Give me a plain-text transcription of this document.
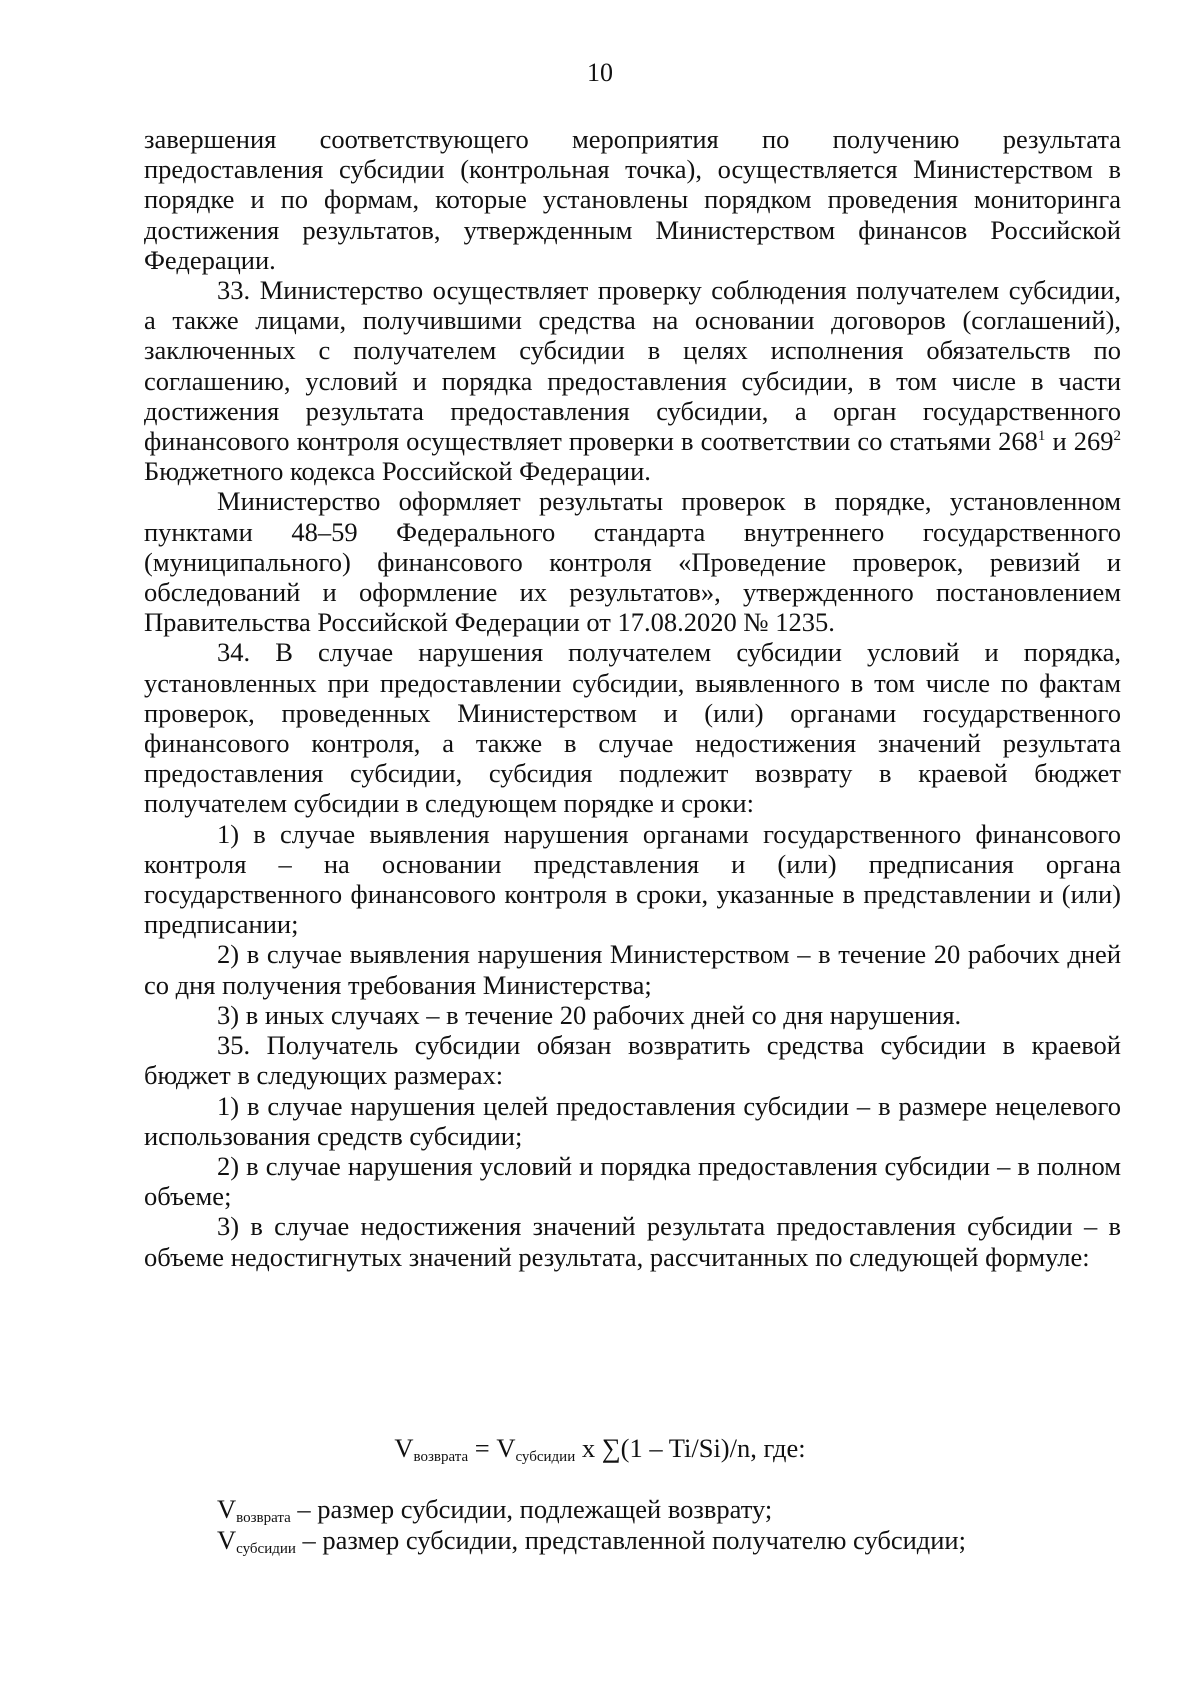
10

завершения соответствующего мероприятия по получению результата предоставления субсидии (контрольная точка), осуществляется Министерством в порядке и по формам, которые установлены порядком проведения мониторинга достижения результатов, утвержденным Министерством финансов Российской Федерации.

33. Министерство осуществляет проверку соблюдения получателем субсидии, а также лицами, получившими средства на основании договоров (соглашений), заключенных с получателем субсидии в целях исполнения обязательств по соглашению, условий и порядка предоставления субсидии, в том числе в части достижения результата предоставления субсидии, а орган государственного финансового контроля осуществляет проверки в соответствии со статьями $268^1$ и $269^2$ Бюджетного кодекса Российской Федерации.

Министерство оформляет результаты проверок в порядке, установленном пунктами 48–59 Федерального стандарта внутреннего государственного (муниципального) финансового контроля «Проведение проверок, ревизий и обследований и оформление их результатов», утвержденного постановлением Правительства Российской Федерации от 17.08.2020 № 1235.

34. В случае нарушения получателем субсидии условий и порядка, установленных при предоставлении субсидии, выявленного в том числе по фактам проверок, проведенных Министерством и (или) органами государственного финансового контроля, а также в случае недостижения значений результата предоставления субсидии, субсидия подлежит возврату в краевой бюджет получателем субсидии в следующем порядке и сроки:

1) в случае выявления нарушения органами государственного финансового контроля – на основании представления и (или) предписания органа государственного финансового контроля в сроки, указанные в представлении и (или) предписании;

2) в случае выявления нарушения Министерством – в течение 20 рабочих дней со дня получения требования Министерства;

3) в иных случаях – в течение 20 рабочих дней со дня нарушения.

35. Получатель субсидии обязан возвратить средства субсидии в краевой бюджет в следующих размерах:

1) в случае нарушения целей предоставления субсидии – в размере нецелевого использования средств субсидии;

2) в случае нарушения условий и порядка предоставления субсидии – в полном объеме;

3) в случае недостижения значений результата предоставления субсидии – в объеме недостигнутых значений результата, рассчитанных по следующей формуле:

$V_{возврата} = V_{субсидии}$ x ∑(1 – Ti/Si)/n, где:
$V_{возврата}$ – размер субсидии, подлежащей возврату;
$V_{субсидии}$ – размер субсидии, представленной получателю субсидии;
